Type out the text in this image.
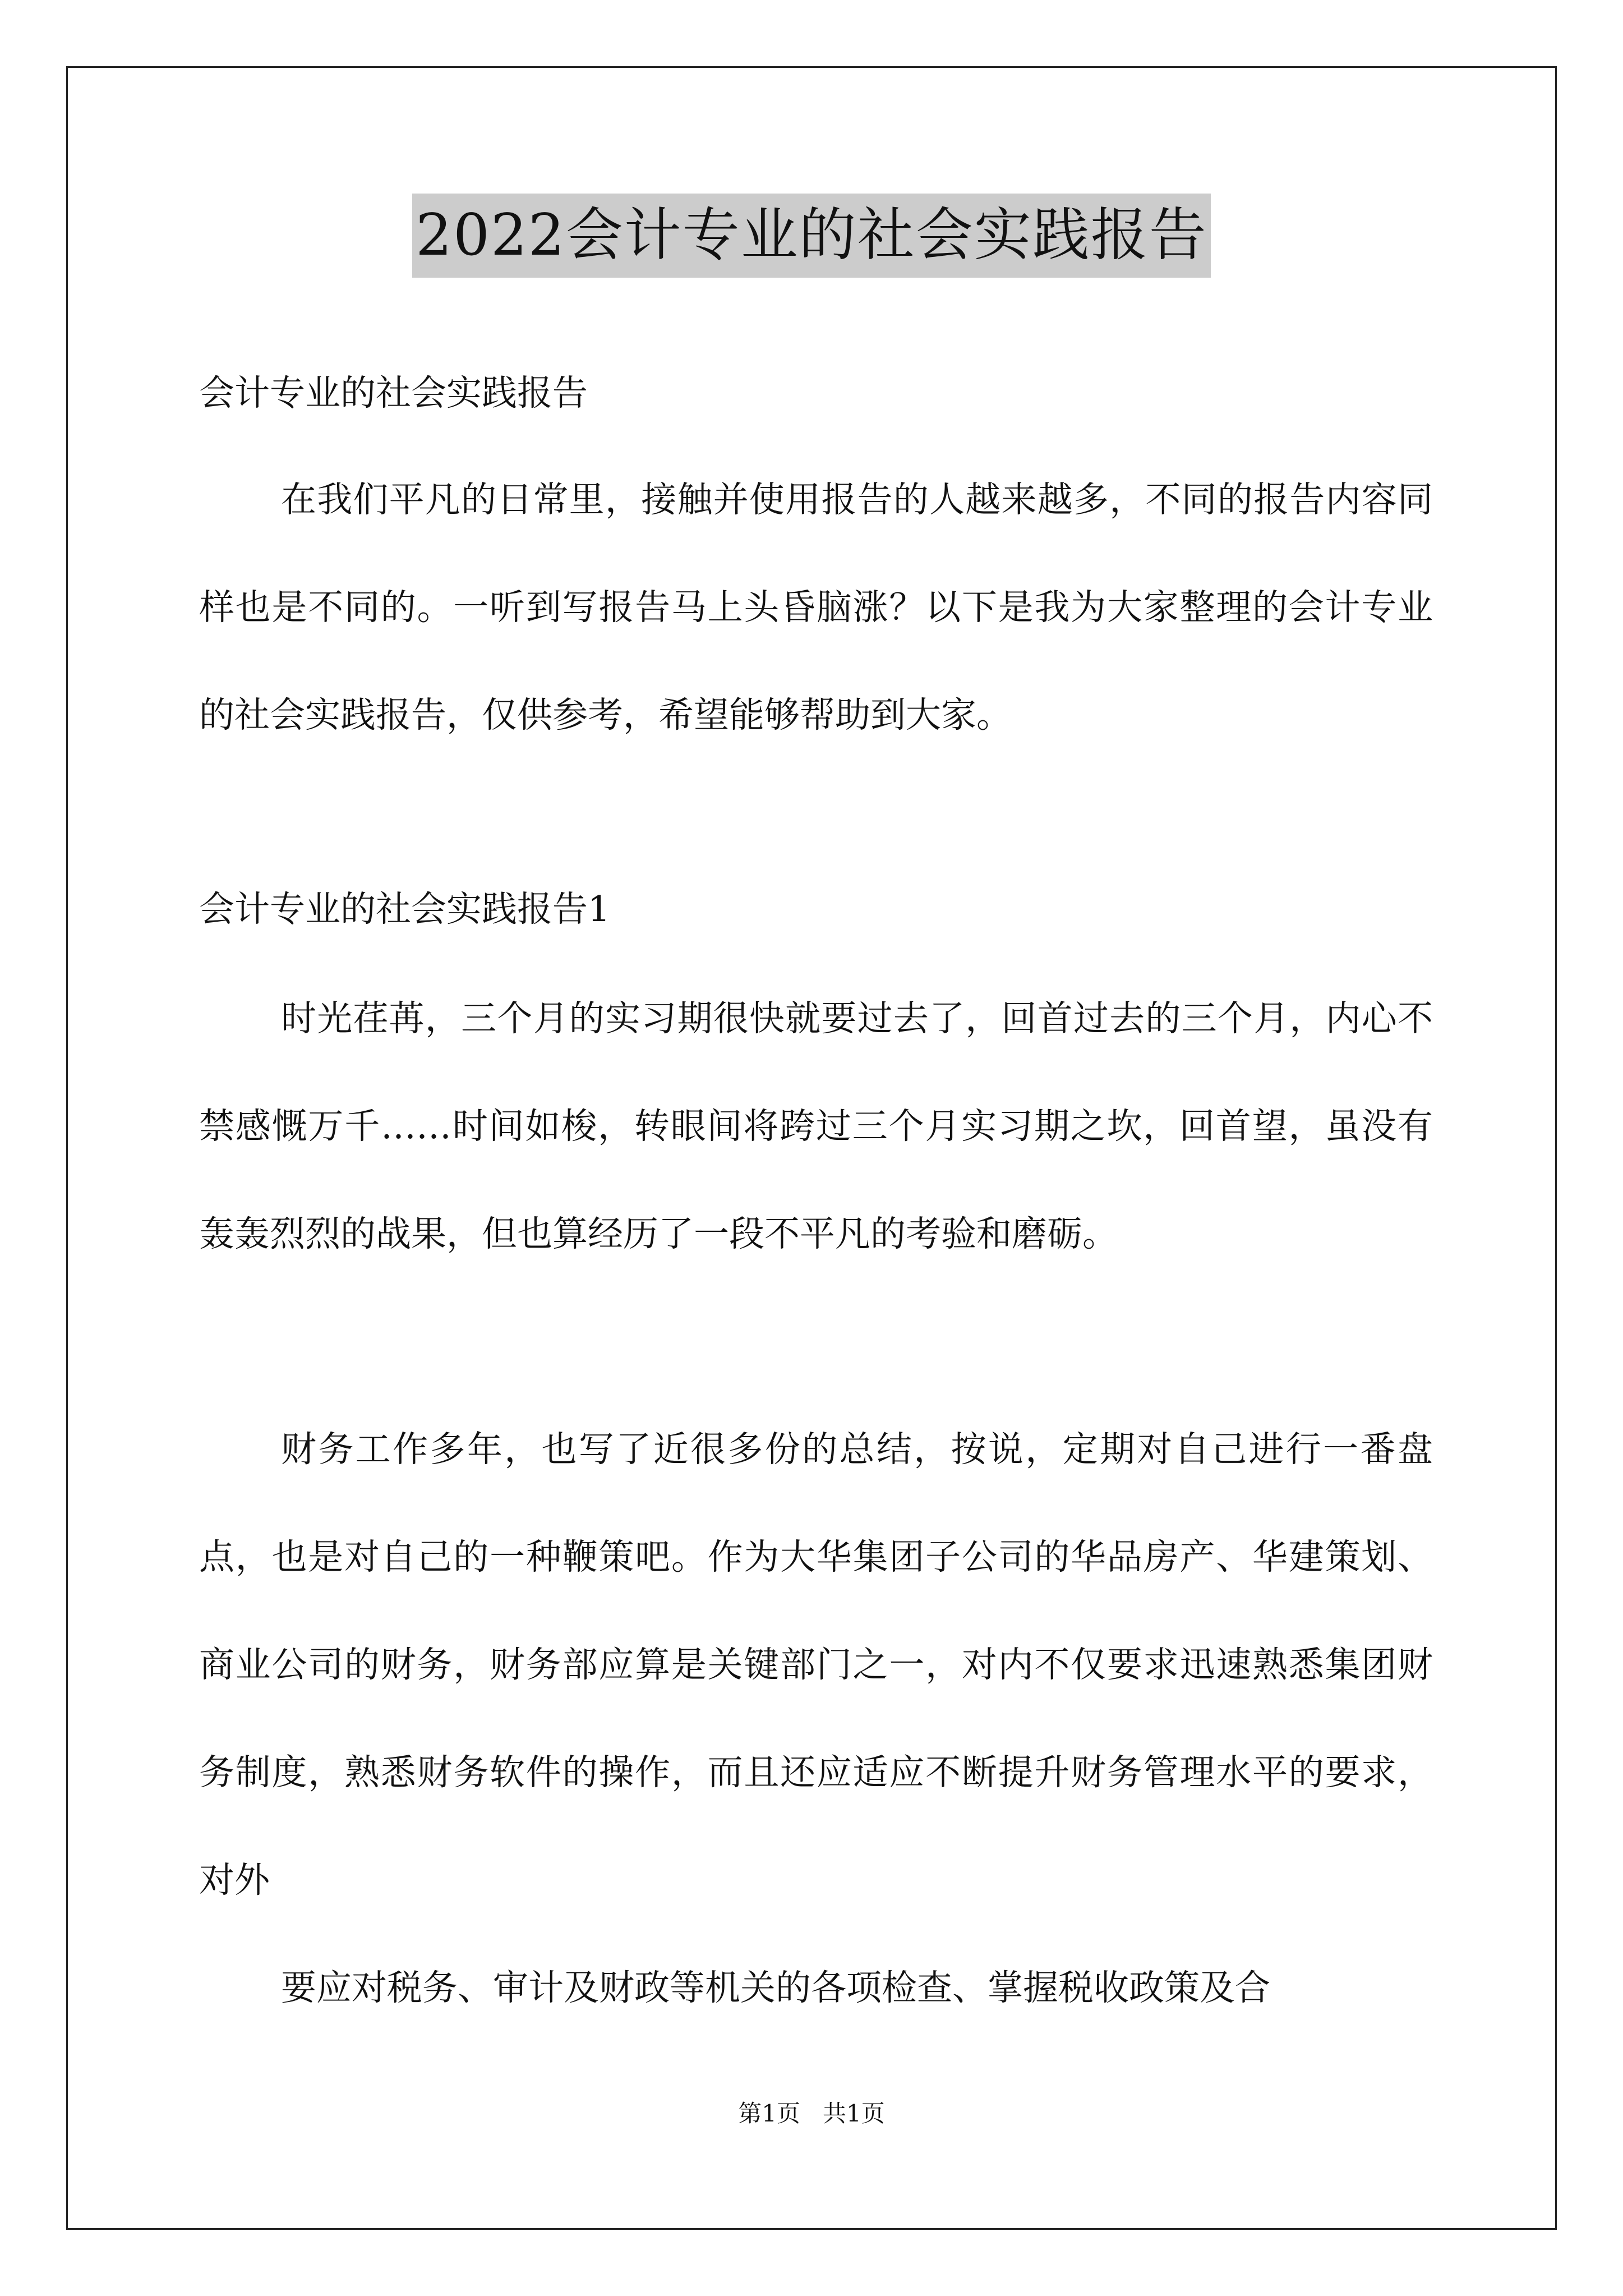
2022会计专业的社会实践报告

会计专业的社会实践报告

在我们平凡的日常里，接触并使用报告的人越来越多，不同的报告内容同样也是不同的。一听到写报告马上头昏脑涨？以下是我为大家整理的会计专业的社会实践报告，仅供参考，希望能够帮助到大家。

会计专业的社会实践报告1

时光荏苒，三个月的实习期很快就要过去了，回首过去的三个月，内心不禁感慨万千……时间如梭，转眼间将跨过三个月实习期之坎，回首望，虽没有轰轰烈烈的战果，但也算经历了一段不平凡的考验和磨砺。

财务工作多年，也写了近很多份的总结，按说，定期对自己进行一番盘点，也是对自己的一种鞭策吧。作为大华集团子公司的华品房产、华建策划、商业公司的财务，财务部应算是关键部门之一，对内不仅要求迅速熟悉集团财务制度，熟悉财务软件的操作，而且还应适应不断提升财务管理水平的要求，对外

要应对税务、审计及财政等机关的各项检查、掌握税收政策及合

第1页   共1页
